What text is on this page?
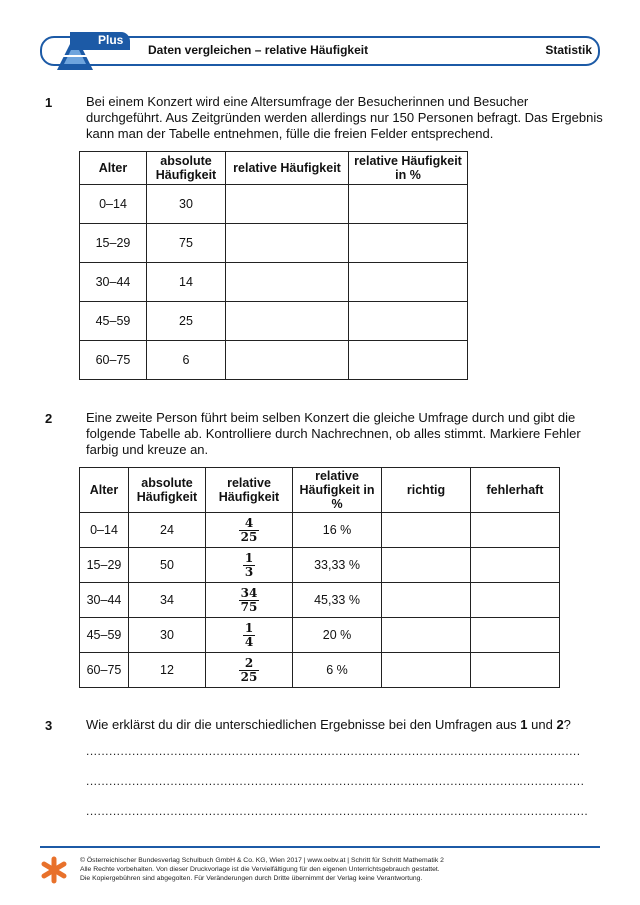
Plus
Daten vergleichen – relative Häufigkeit	Statistik
1	Bei einem Konzert wird eine Altersumfrage der Besucherinnen und Besucher durchgeführt. Aus Zeitgründen werden allerdings nur 150 Personen befragt. Das Ergebnis kann man der Tabelle entnehmen, fülle die freien Felder entsprechend.
Alter	absolute Häufigkeit	relative Häufigkeit	relative Häufigkeit in %
0–14	30		
15–29	75		
30–44	14		
45–59	25		
60–75	6		
2	Eine zweite Person führt beim selben Konzert die gleiche Umfrage durch und gibt die folgende Tabelle ab. Kontrolliere durch Nachrechnen, ob alles stimmt. Markiere Fehler farbig und kreuze an.
Alter	absolute Häufigkeit	relative Häufigkeit	relative Häufigkeit in %	richtig	fehlerhaft
0–14	24	$\frac{4}{25}$	16 %		
15–29	50	$\frac{1}{3}$	33,33 %		
30–44	34	$\frac{34}{75}$	45,33 %		
45–59	30	$\frac{1}{4}$	20 %		
60–75	12	$\frac{2}{25}$	6 %		
3	Wie erklärst du dir die unterschiedlichen Ergebnisse bei den Umfragen aus 1 und 2?
.................................................................................................................................
..................................................................................................................................
...................................................................................................................................
© Österreichischer Bundesverlag Schulbuch GmbH & Co. KG, Wien 2017 | www.oebv.at | Schritt für Schritt Mathematik 2
Alle Rechte vorbehalten. Von dieser Druckvorlage ist die Vervielfältigung für den eigenen Unterrichtsgebrauch gestattet.
Die Kopiergebühren sind abgegolten. Für Veränderungen durch Dritte übernimmt der Verlag keine Verantwortung.
